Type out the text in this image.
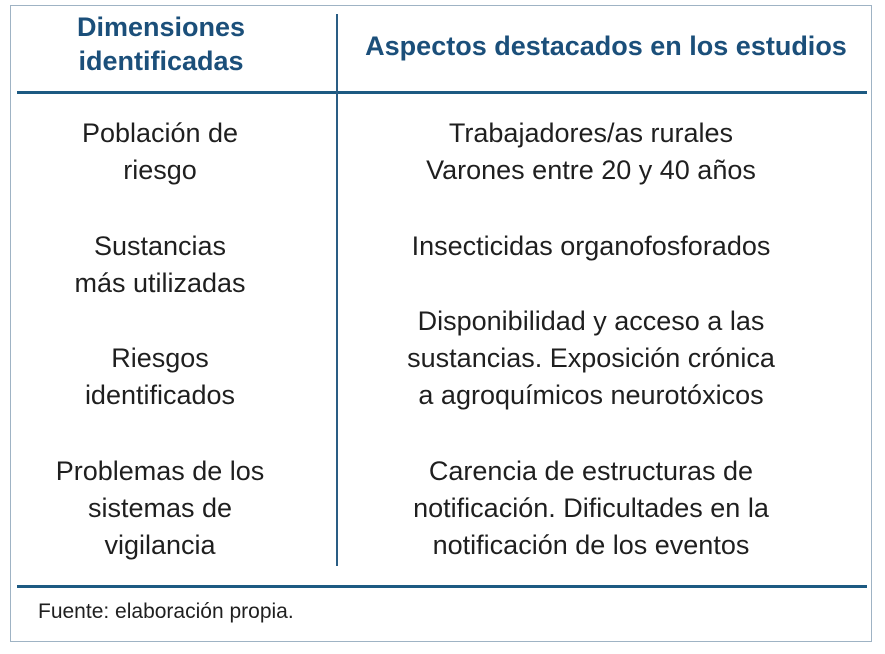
Dimensiones
identificadas	Aspectos destacados en los estudios
Población de
riesgo
Trabajadores/as rurales
Varones entre 20 y 40 años
Sustancias
más utilizadas
Insecticidas organofosforados
Riesgos
identificados
Disponibilidad y acceso a las
sustancias. Exposición crónica
a agroquímicos neurotóxicos
Problemas de los
sistemas de
vigilancia
Carencia de estructuras de
notificación. Dificultades en la
notificación de los eventos
Fuente: elaboración propia.
